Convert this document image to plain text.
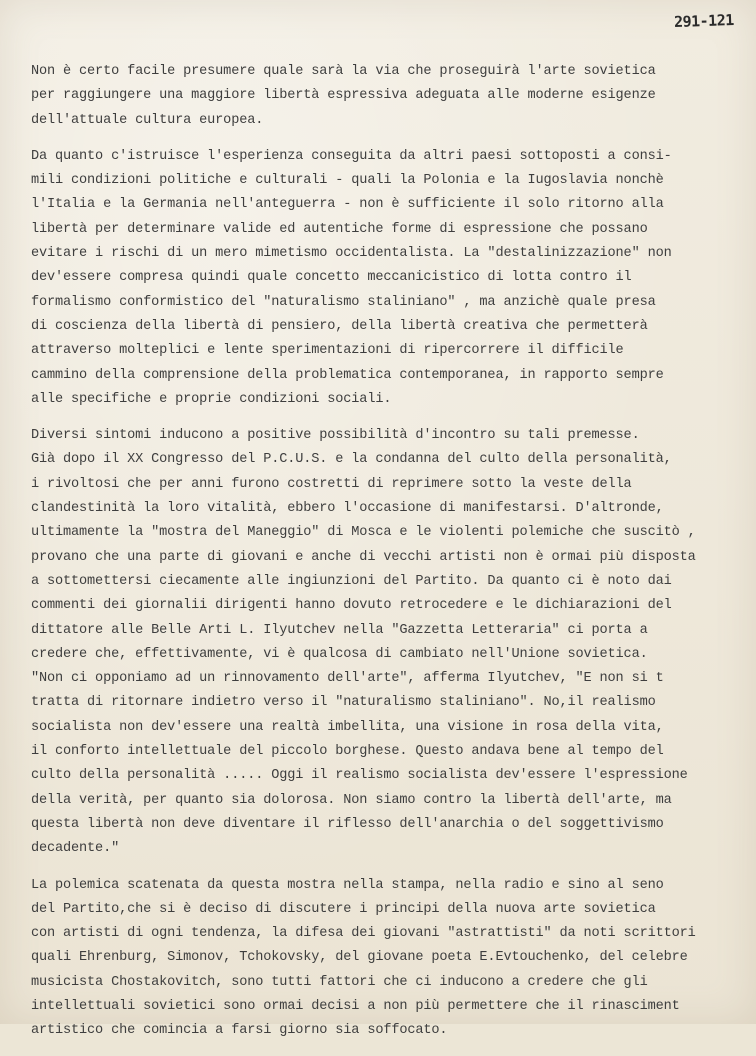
291-121
Non è certo facile presumere quale sarà la via che proseguirà l'arte sovietica
per raggiungere una maggiore libertà espressiva adeguata alle moderne esigenze
dell'attuale cultura europea.
Da quanto c'istruisce l'esperienza conseguita da altri paesi sottoposti a consi-
mili condizioni politiche e culturali - quali la Polonia e la Iugoslavia nonchè
l'Italia e la Germania nell'anteguerra - non è sufficiente il solo ritorno alla
libertà per determinare valide ed autentiche forme di espressione che possano
evitare i rischi di un mero mimetismo occidentalista. La "destalinizzazione" non
dev'essere compresa quindi quale concetto meccanicistico di lotta contro il
formalismo conformistico del "naturalismo staliniano" , ma anzichè quale presa
di coscienza della libertà di pensiero, della libertà creativa che permetterà
attraverso molteplici e lente sperimentazioni di ripercorrere il difficile
cammino della comprensione della problematica contemporanea, in rapporto sempre
alle specifiche e proprie condizioni sociali.
Diversi sintomi inducono a positive possibilità d'incontro su tali premesse.
Già dopo il XX Congresso del P.C.U.S. e la condanna del culto della personalità,
i rivoltosi che per anni furono costretti di reprimere sotto la veste della
clandestinità la loro vitalità, ebbero l'occasione di manifestarsi. D'altronde,
ultimamente la "mostra del Maneggio" di Mosca e le violenti polemiche che suscitò ,
provano che una parte di giovani e anche di vecchi artisti non è ormai più disposta
a sottomettersi ciecamente alle ingiunzioni del Partito. Da quanto ci è noto dai
commenti dei giornalii dirigenti hanno dovuto retrocedere e le dichiarazioni del
dittatore alle Belle Arti L. Ilyutchev nella "Gazzetta Letteraria" ci porta a
credere che, effettivamente, vi è qualcosa di cambiato nell'Unione sovietica.
"Non ci opponiamo ad un rinnovamento dell'arte", afferma Ilyutchev, "E non si t
tratta di ritornare indietro verso il "naturalismo staliniano". No,il realismo
socialista non dev'essere una realtà imbellita, una visione in rosa della vita,
il conforto intellettuale del piccolo borghese. Questo andava bene al tempo del
culto della personalità ..... Oggi il realismo socialista dev'essere l'espressione
della verità, per quanto sia dolorosa. Non siamo contro la libertà dell'arte, ma
questa libertà non deve diventare il riflesso dell'anarchia o del soggettivismo
decadente."
La polemica scatenata da questa mostra nella stampa, nella radio e sino al seno
del Partito,che si è deciso di discutere i principi della nuova arte sovietica
con artisti di ogni tendenza, la difesa dei giovani "astrattisti" da noti scrittori
quali Ehrenburg, Simonov, Tchokovsky, del giovane poeta E.Evtouchenko, del celebre
musicista Chostakovitch, sono tutti fattori che ci inducono a credere che gli
intellettuali sovietici sono ormai decisi a non più permettere che il rinasciment
artistico che comincia a farsi giorno sia soffocato.
